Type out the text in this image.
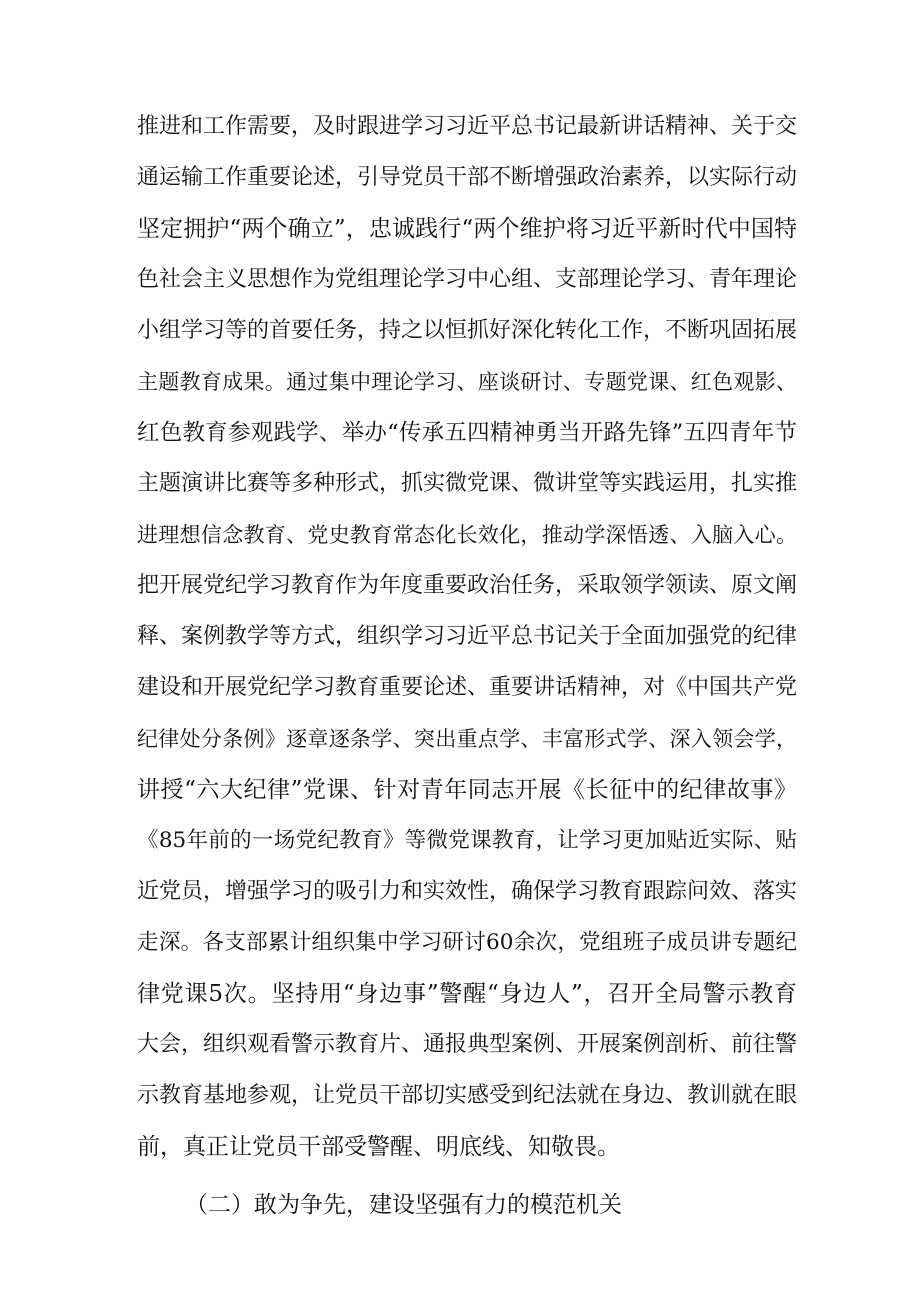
推进和工作需要，及时跟进学习习近平总书记最新讲话精神、关于交
通运输工作重要论述，引导党员干部不断增强政治素养，以实际行动
坚定拥护“两个确立”，忠诚践行“两个维护将习近平新时代中国特
色社会主义思想作为党组理论学习中心组、支部理论学习、青年理论
小组学习等的首要任务，持之以恒抓好深化转化工作，不断巩固拓展
主题教育成果。通过集中理论学习、座谈研讨、专题党课、红色观影、
红色教育参观践学、举办“传承五四精神勇当开路先锋”五四青年节
主题演讲比赛等多种形式，抓实微党课、微讲堂等实践运用，扎实推
进理想信念教育、党史教育常态化长效化，推动学深悟透、入脑入心。
把开展党纪学习教育作为年度重要政治任务，采取领学领读、原文阐
释、案例教学等方式，组织学习习近平总书记关于全面加强党的纪律
建设和开展党纪学习教育重要论述、重要讲话精神，对《中国共产党
纪律处分条例》逐章逐条学、突出重点学、丰富形式学、深入领会学，
讲授“六大纪律”党课、针对青年同志开展《长征中的纪律故事》
《85年前的一场党纪教育》等微党课教育，让学习更加贴近实际、贴
近党员，增强学习的吸引力和实效性，确保学习教育跟踪问效、落实
走深。各支部累计组织集中学习研讨60余次，党组班子成员讲专题纪
律党课5次。坚持用“身边事”警醒“身边人”，召开全局警示教育
大会，组织观看警示教育片、通报典型案例、开展案例剖析、前往警
示教育基地参观，让党员干部切实感受到纪法就在身边、教训就在眼
前，真正让党员干部受警醒、明底线、知敬畏。
（二）敢为争先，建设坚强有力的模范机关
